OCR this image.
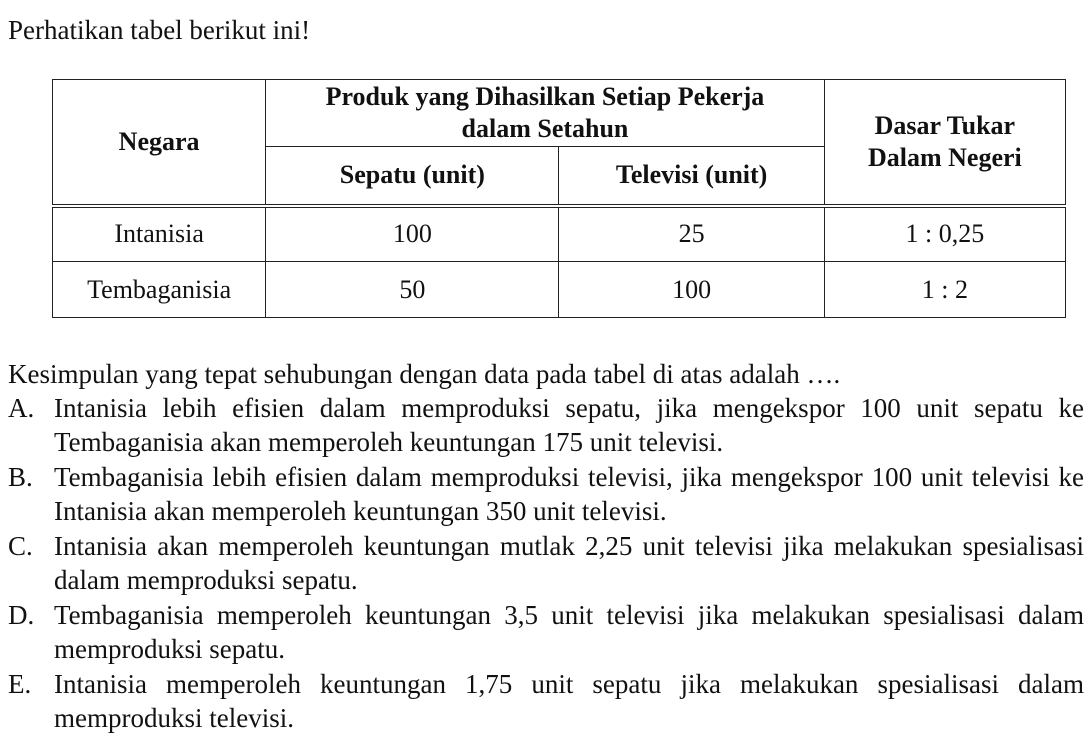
Perhatikan tabel berikut ini!
Negara	Produk yang Dihasilkan Setiap Pekerja dalam Setahun		Dasar Tukar Dalam Negeri
	Sepatu (unit)	Televisi (unit)	
Intanisia	100	25	1 : 0,25
Tembaganisia	50	100	1 : 2
Kesimpulan yang tepat sehubungan dengan data pada tabel di atas adalah ….
A. Intanisia lebih efisien dalam memproduksi sepatu, jika mengekspor 100 unit sepatu ke Tembaganisia akan memperoleh keuntungan 175 unit televisi.
B. Tembaganisia lebih efisien dalam memproduksi televisi, jika mengekspor 100 unit televisi ke Intanisia akan memperoleh keuntungan 350 unit televisi.
C. Intanisia akan memperoleh keuntungan mutlak 2,25 unit televisi jika melakukan spesialisasi dalam memproduksi sepatu.
D. Tembaganisia memperoleh keuntungan 3,5 unit televisi jika melakukan spesialisasi dalam memproduksi sepatu.
E. Intanisia memperoleh keuntungan 1,75 unit sepatu jika melakukan spesialisasi dalam memproduksi televisi.
